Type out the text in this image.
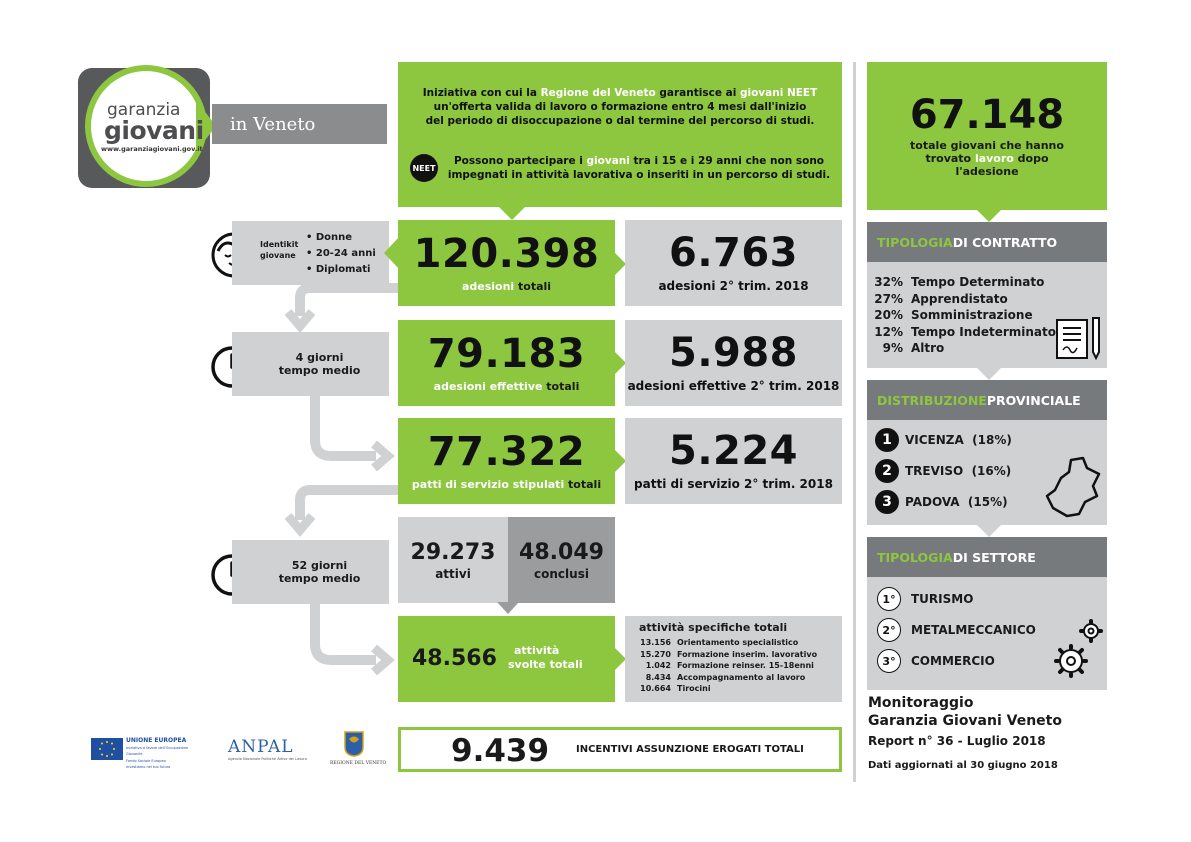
garanzia
giovani
www.garanziagiovani.gov.it
in Veneto
Iniziativa con cui la Regione del Veneto garantisce ai giovani NEET
un'offerta valida di lavoro o formazione entro 4 mesi dall'inizio
del periodo di disoccupazione o dal termine del percorso di studi.
NEET
Possono partecipare i giovani tra i 15 e i 29 anni che non sono
impegnati in attività lavorativa o inseriti in un percorso di studi.
Identikit
giovane
• Donne
• 20-24 anni
• Diplomati
4 giorni
tempo medio
52 giorni
tempo medio
120.398
adesioni totali
6.763
adesioni 2° trim. 2018
79.183
adesioni effettive totali
5.988
adesioni effettive 2° trim. 2018
77.322
patti di servizio stipulati totali
5.224
patti di servizio 2° trim. 2018
29.273
attivi
48.049
conclusi
48.566	attività
svolte totali
attività specifiche totali
13.156 Orientamento specialistico
15.270 Formazione inserim. lavorativo
1.042 Formazione reinser. 15-18enni
8.434 Accompagnamento al lavoro
10.664 Tirocini
9.439	INCENTIVI ASSUNZIONE EROGATI TOTALI
67.148
totale giovani che hanno
trovato lavoro dopo
l'adesione
TIPOLOGIA DI CONTRATTO
32% Tempo Determinato
27% Apprendistato
20% Somministrazione
12% Tempo Indeterminato
9% Altro
DISTRIBUZIONE PROVINCIALE
1	VICENZA  (18%)
2	TREVISO  (16%)
3	PADOVA  (15%)
TIPOLOGIA DI SETTORE
1°	TURISMO
2°	METALMECCANICO
3°	COMMERCIO
Monitoraggio
Garanzia Giovani Veneto
Report n° 36 - Luglio 2018
Dati aggiornati al 30 giugno 2018
UNIONE EUROPEA
Iniziativa a favore dell'Occupazione Giovanile
Fondo Sociale Europeo
Investiamo nel tuo futuro
ANPAL
Agenzia Nazionale Politiche Attive del Lavoro
REGIONE DEL VENETO
